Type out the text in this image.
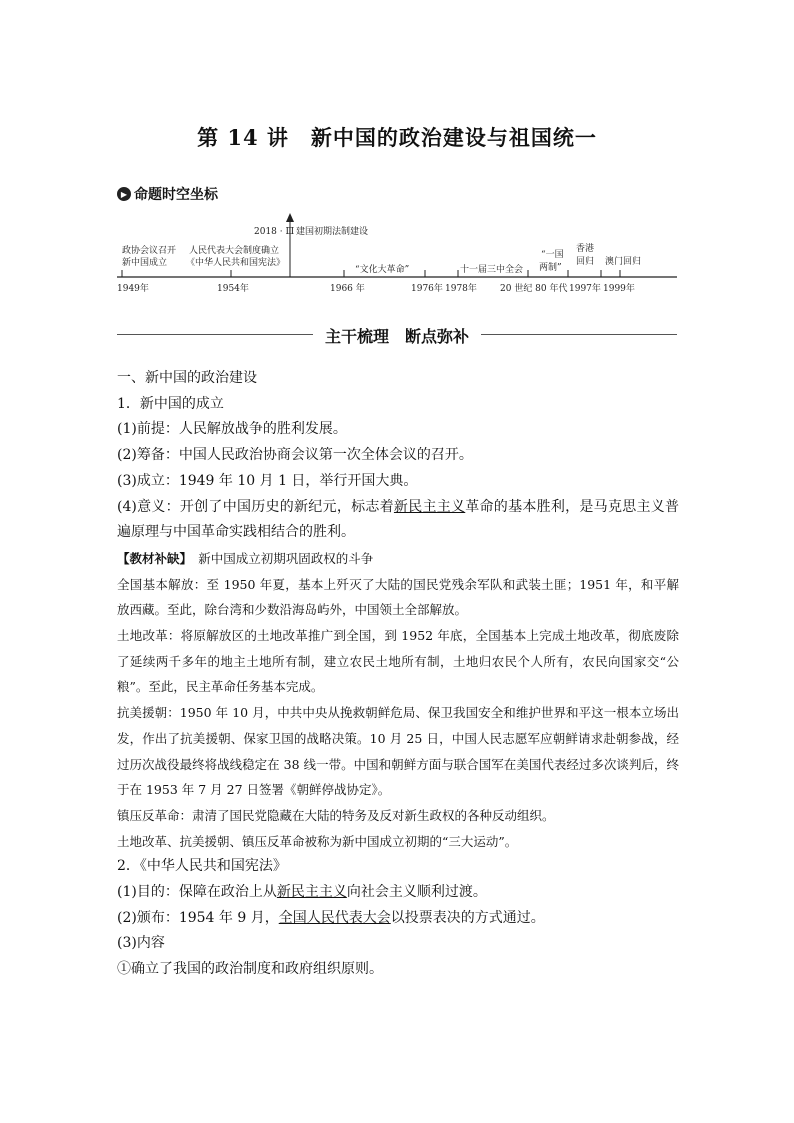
第 14 讲　新中国的政治建设与祖国统一
▶ 命题时空坐标
2018 · Ⅲ 建国初期法制建设
政协会议召开
新中国成立
人民代表大会制度确立
《中华人民共和国宪法》
“文化大革命”	十一届三中全会
“一国
两制”
香港
回归 澳门回归
1949年	1954年	1966 年	1976年 1978年	20 世纪 80 年代 1997年 1999年
主干梳理　断点弥补

一、新中国的政治建设

1．新中国的成立

(1)前提：人民解放战争的胜利发展。

(2)筹备：中国人民政治协商会议第一次全体会议的召开。

(3)成立：1949 年 10 月 1 日，举行开国大典。

(4)意义：开创了中国历史的新纪元，标志着新民主主义革命的基本胜利，是马克思主义普遍原理与中国革命实践相结合的胜利。

【教材补缺】　 新中国成立初期巩固政权的斗争

全国基本解放：至 1950 年夏，基本上歼灭了大陆的国民党残余军队和武装土匪；1951 年，和平解放西藏。至此，除台湾和少数沿海岛屿外，中国领土全部解放。

土地改革：将原解放区的土地改革推广到全国，到 1952 年底，全国基本上完成土地改革，彻底废除了延续两千多年的地主土地所有制，建立农民土地所有制，土地归农民个人所有，农民向国家交“公粮”。至此，民主革命任务基本完成。

抗美援朝：1950 年 10 月，中共中央从挽救朝鲜危局、保卫我国安全和维护世界和平这一根本立场出发，作出了抗美援朝、保家卫国的战略决策。10 月 25 日，中国人民志愿军应朝鲜请求赴朝参战，经过历次战役最终将战线稳定在 38 线一带。中国和朝鲜方面与联合国军在美国代表经过多次谈判后，终于在 1953 年 7 月 27 日签署《朝鲜停战协定》。

镇压反革命：肃清了国民党隐藏在大陆的特务及反对新生政权的各种反动组织。

土地改革、抗美援朝、镇压反革命被称为新中国成立初期的“三大运动”。

2．《中华人民共和国宪法》

(1)目的：保障在政治上从新民主主义向社会主义顺利过渡。

(2)颁布：1954 年 9 月，全国人民代表大会以投票表决的方式通过。

(3)内容

①确立了我国的政治制度和政府组织原则。
